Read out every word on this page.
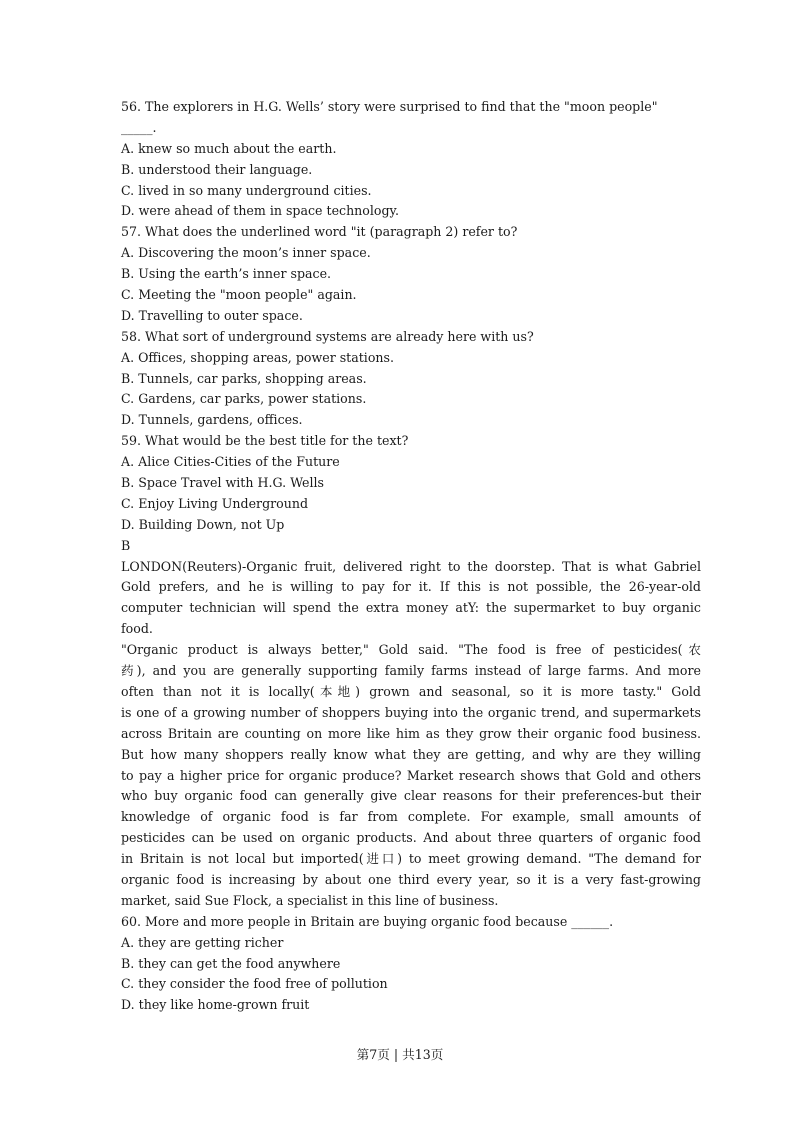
56. The explorers in H.G. Wells’ story were surprised to find that the "moon people"
_____.
A. knew so much about the earth.
B. understood their language.
C. lived in so many underground cities.
D. were ahead of them in space technology.
57. What does the underlined word "it (paragraph 2) refer to?
A. Discovering the moon’s inner space.
B. Using the earth’s inner space.
C. Meeting the "moon people" again.
D. Travelling to outer space.
58. What sort of underground systems are already here with us?
A. Offices, shopping areas, power stations.
B. Tunnels, car parks, shopping areas.
C. Gardens, car parks, power stations.
D. Tunnels, gardens, offices.
59. What would be the best title for the text?
A. Alice Cities-Cities of the Future
B. Space Travel with H.G. Wells
C. Enjoy Living Underground
D. Building Down, not Up
B
LONDON(Reuters)-Organic fruit, delivered right to the doorstep. That is what Gabriel
Gold prefers, and he is willing to pay for it. If this is not possible, the 26-year-old
computer technician will spend the extra money atY: the supermarket to buy organic
food.
"Organic product is always better," Gold said. "The food is free of pesticides(农
药), and you are generally supporting family farms instead of large farms. And more
often than not it is locally(本地) grown and seasonal, so it is more tasty." Gold
is one of a growing number of shoppers buying into the organic trend, and supermarkets
across Britain are counting on more like him as they grow their organic food business.
But how many shoppers really know what they are getting, and why are they willing
to pay a higher price for organic produce? Market research shows that Gold and others
who buy organic food can generally give clear reasons for their preferences-but their
knowledge of organic food is far from complete. For example, small amounts of
pesticides can be used on organic products. And about three quarters of organic food
in Britain is not local but imported(进口) to meet growing demand. "The demand for
organic food is increasing by about one third every year, so it is a very fast-growing
market, said Sue Flock, a specialist in this line of business.
60. More and more people in Britain are buying organic food because ______.
A. they are getting richer
B. they can get the food anywhere
C. they consider the food free of pollution
D. they like home-grown fruit
第7页 | 共13页
